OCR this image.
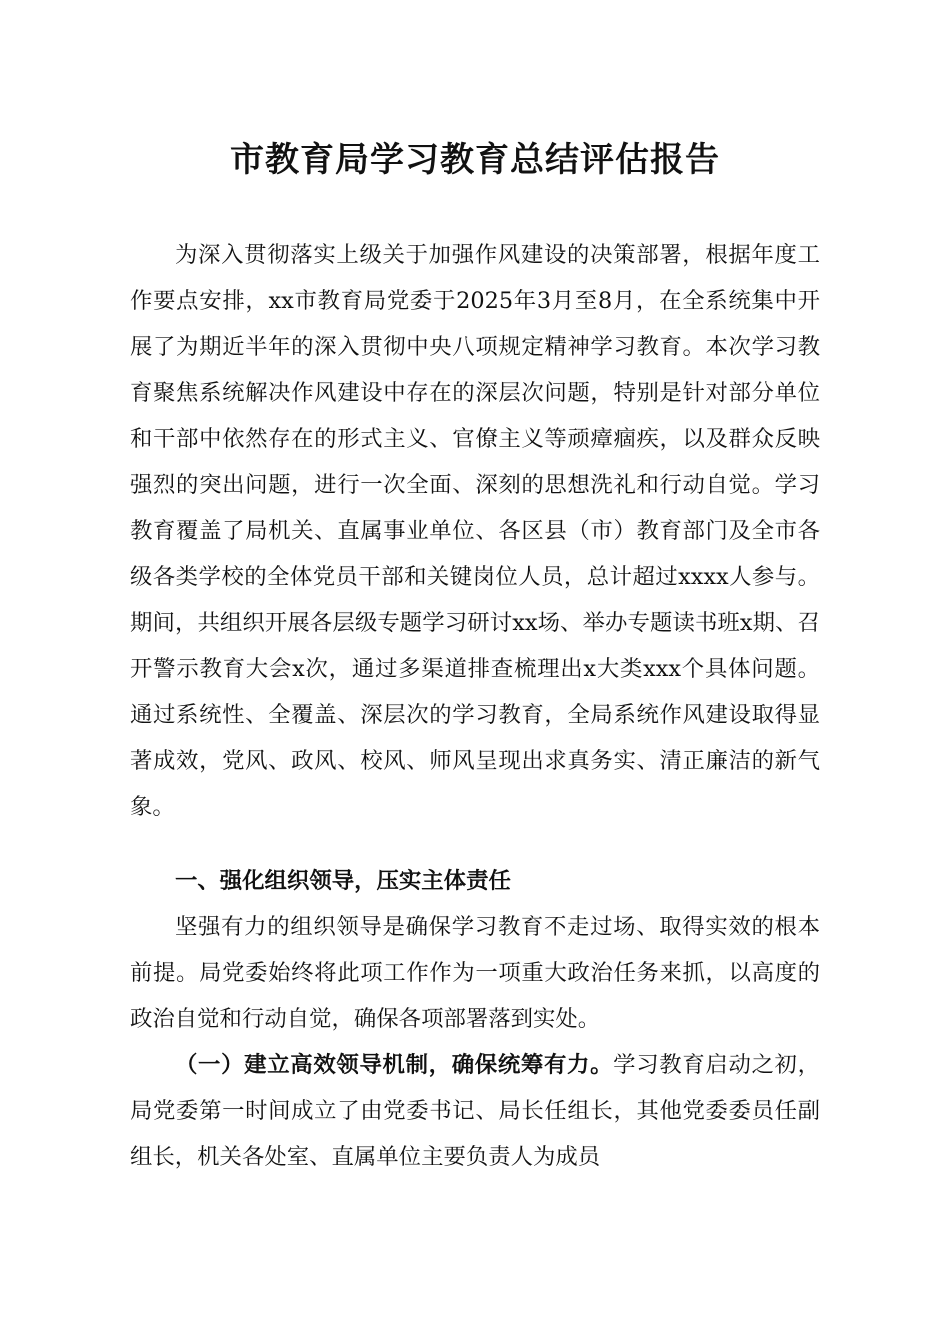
市教育局学习教育总结评估报告

为深入贯彻落实上级关于加强作风建设的决策部署，根据年度工作要点安排，xx市教育局党委于2025年3月至8月，在全系统集中开展了为期近半年的深入贯彻中央八项规定精神学习教育。本次学习教育聚焦系统解决作风建设中存在的深层次问题，特别是针对部分单位和干部中依然存在的形式主义、官僚主义等顽瘴痼疾，以及群众反映强烈的突出问题，进行一次全面、深刻的思想洗礼和行动自觉。学习教育覆盖了局机关、直属事业单位、各区县（市）教育部门及全市各级各类学校的全体党员干部和关键岗位人员，总计超过xxxx人参与。期间，共组织开展各层级专题学习研讨xx场、举办专题读书班x期、召开警示教育大会x次，通过多渠道排查梳理出x大类xxx个具体问题。通过系统性、全覆盖、深层次的学习教育，全局系统作风建设取得显著成效，党风、政风、校风、师风呈现出求真务实、清正廉洁的新气象。

一、强化组织领导，压实主体责任

坚强有力的组织领导是确保学习教育不走过场、取得实效的根本前提。局党委始终将此项工作作为一项重大政治任务来抓，以高度的政治自觉和行动自觉，确保各项部署落到实处。

（一）建立高效领导机制，确保统筹有力。学习教育启动之初，局党委第一时间成立了由党委书记、局长任组长，其他党委委员任副组长，机关各处室、直属单位主要负责人为成员
